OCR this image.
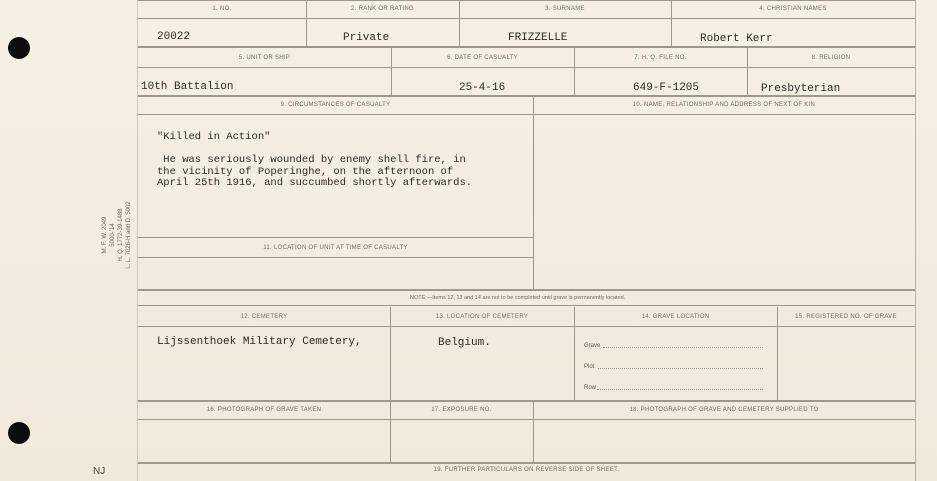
M. F. W. 2049 5000-’14 H. Q. 1772-39-1488 L. L. 7026-H and D. 5002
NJ
1. NO.	2. RANK OR RATING	3. SURNAME	4. CHRISTIAN NAMES
20022	Private	FRIZZELLE	Robert Kerr
5. UNIT OR SHIP	6. DATE OF CASUALTY	7. H. Q. FILE NO.	8. RELIGION
10th Battalion	25-4-16	649-F-1205	Presbyterian
9. CIRCUMSTANCES OF CASUALTY	10. NAME, RELATIONSHIP AND ADDRESS OF NEXT OF KIN
"Killed in Action"
He was seriously wounded by enemy shell fire, in
the vicinity of Poperinghe, on the afternoon of
April 25th 1916, and succumbed shortly afterwards.
11. LOCATION OF UNIT AT TIME OF CASUALTY
NOTE:—Items 12, 13 and 14 are not to be completed until grave is permanently located.
12. CEMETERY	13. LOCATION OF CEMETERY	14. GRAVE LOCATION	15. REGISTERED NO. OF GRAVE
Lijssenthoek Military Cemetery,	Belgium.	Grave
Plot
Row
16. PHOTOGRAPH OF GRAVE TAKEN	17. EXPOSURE NO.	18. PHOTOGRAPH OF GRAVE AND CEMETERY SUPPLIED TO
19. FURTHER PARTICULARS ON REVERSE SIDE OF SHEET.
